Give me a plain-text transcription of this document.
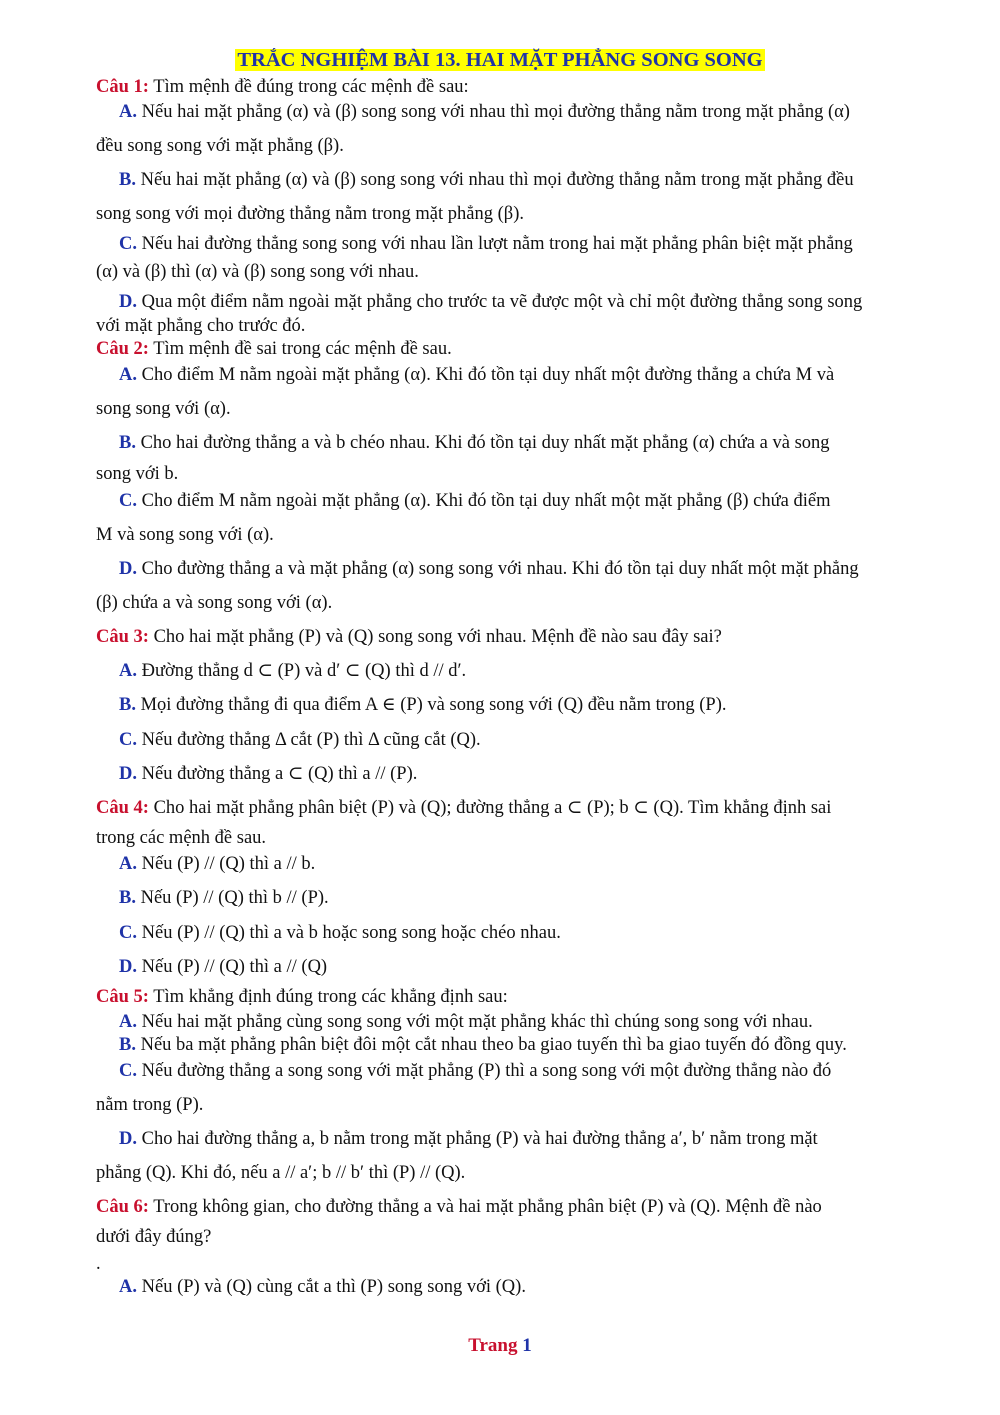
TRẮC NGHIỆM BÀI 13. HAI MẶT PHẲNG SONG SONG
Câu 1: Tìm mệnh đề đúng trong các mệnh đề sau:
A. Nếu hai mặt phẳng (α) và (β) song song với nhau thì mọi đường thẳng nằm trong mặt phẳng (α)
đều song song với mặt phẳng (β).
B. Nếu hai mặt phẳng (α) và (β) song song với nhau thì mọi đường thẳng nằm trong mặt phẳng đều
song song với mọi đường thẳng nằm trong mặt phẳng (β).
C. Nếu hai đường thẳng song song với nhau lần lượt nằm trong hai mặt phẳng phân biệt mặt phẳng
(α) và (β) thì (α) và (β) song song với nhau.
D. Qua một điểm nằm ngoài mặt phẳng cho trước ta vẽ được một và chỉ một đường thẳng song song
với mặt phẳng cho trước đó.
Câu 2: Tìm mệnh đề sai trong các mệnh đề sau.
A. Cho điểm M nằm ngoài mặt phẳng (α). Khi đó tồn tại duy nhất một đường thẳng a chứa M và
song song với (α).
B. Cho hai đường thẳng a và b chéo nhau. Khi đó tồn tại duy nhất mặt phẳng (α) chứa a và song
song với b.
C. Cho điểm M nằm ngoài mặt phẳng (α). Khi đó tồn tại duy nhất một mặt phẳng (β) chứa điểm
M và song song với (α).
D. Cho đường thẳng a và mặt phẳng (α) song song với nhau. Khi đó tồn tại duy nhất một mặt phẳng
(β) chứa a và song song với (α).
Câu 3: Cho hai mặt phẳng (P) và (Q) song song với nhau. Mệnh đề nào sau đây sai?
A. Đường thẳng d ⊂ (P) và d′ ⊂ (Q) thì d // d′.
B. Mọi đường thẳng đi qua điểm A ∈ (P) và song song với (Q) đều nằm trong (P).
C. Nếu đường thẳng Δ cắt (P) thì Δ cũng cắt (Q).
D. Nếu đường thẳng a ⊂ (Q) thì a // (P).
Câu 4: Cho hai mặt phẳng phân biệt (P) và (Q); đường thẳng a ⊂ (P); b ⊂ (Q). Tìm khẳng định sai
trong các mệnh đề sau.
A. Nếu (P) // (Q) thì a // b.
B. Nếu (P) // (Q) thì b // (P).
C. Nếu (P) // (Q) thì a và b hoặc song song hoặc chéo nhau.
D. Nếu (P) // (Q) thì a // (Q)
Câu 5: Tìm khẳng định đúng trong các khẳng định sau:
A. Nếu hai mặt phẳng cùng song song với một mặt phẳng khác thì chúng song song với nhau.
B. Nếu ba mặt phẳng phân biệt đôi một cắt nhau theo ba giao tuyến thì ba giao tuyến đó đồng quy.
C. Nếu đường thẳng a song song với mặt phẳng (P) thì a song song với một đường thẳng nào đó
nằm trong (P).
D. Cho hai đường thẳng a, b nằm trong mặt phẳng (P) và hai đường thẳng a′, b′ nằm trong mặt
phẳng (Q). Khi đó, nếu a // a′; b // b′ thì (P) // (Q).
Câu 6: Trong không gian, cho đường thẳng a và hai mặt phẳng phân biệt (P) và (Q). Mệnh đề nào
dưới đây đúng?
.
A. Nếu (P) và (Q) cùng cắt a thì (P) song song với (Q).
Trang 1
